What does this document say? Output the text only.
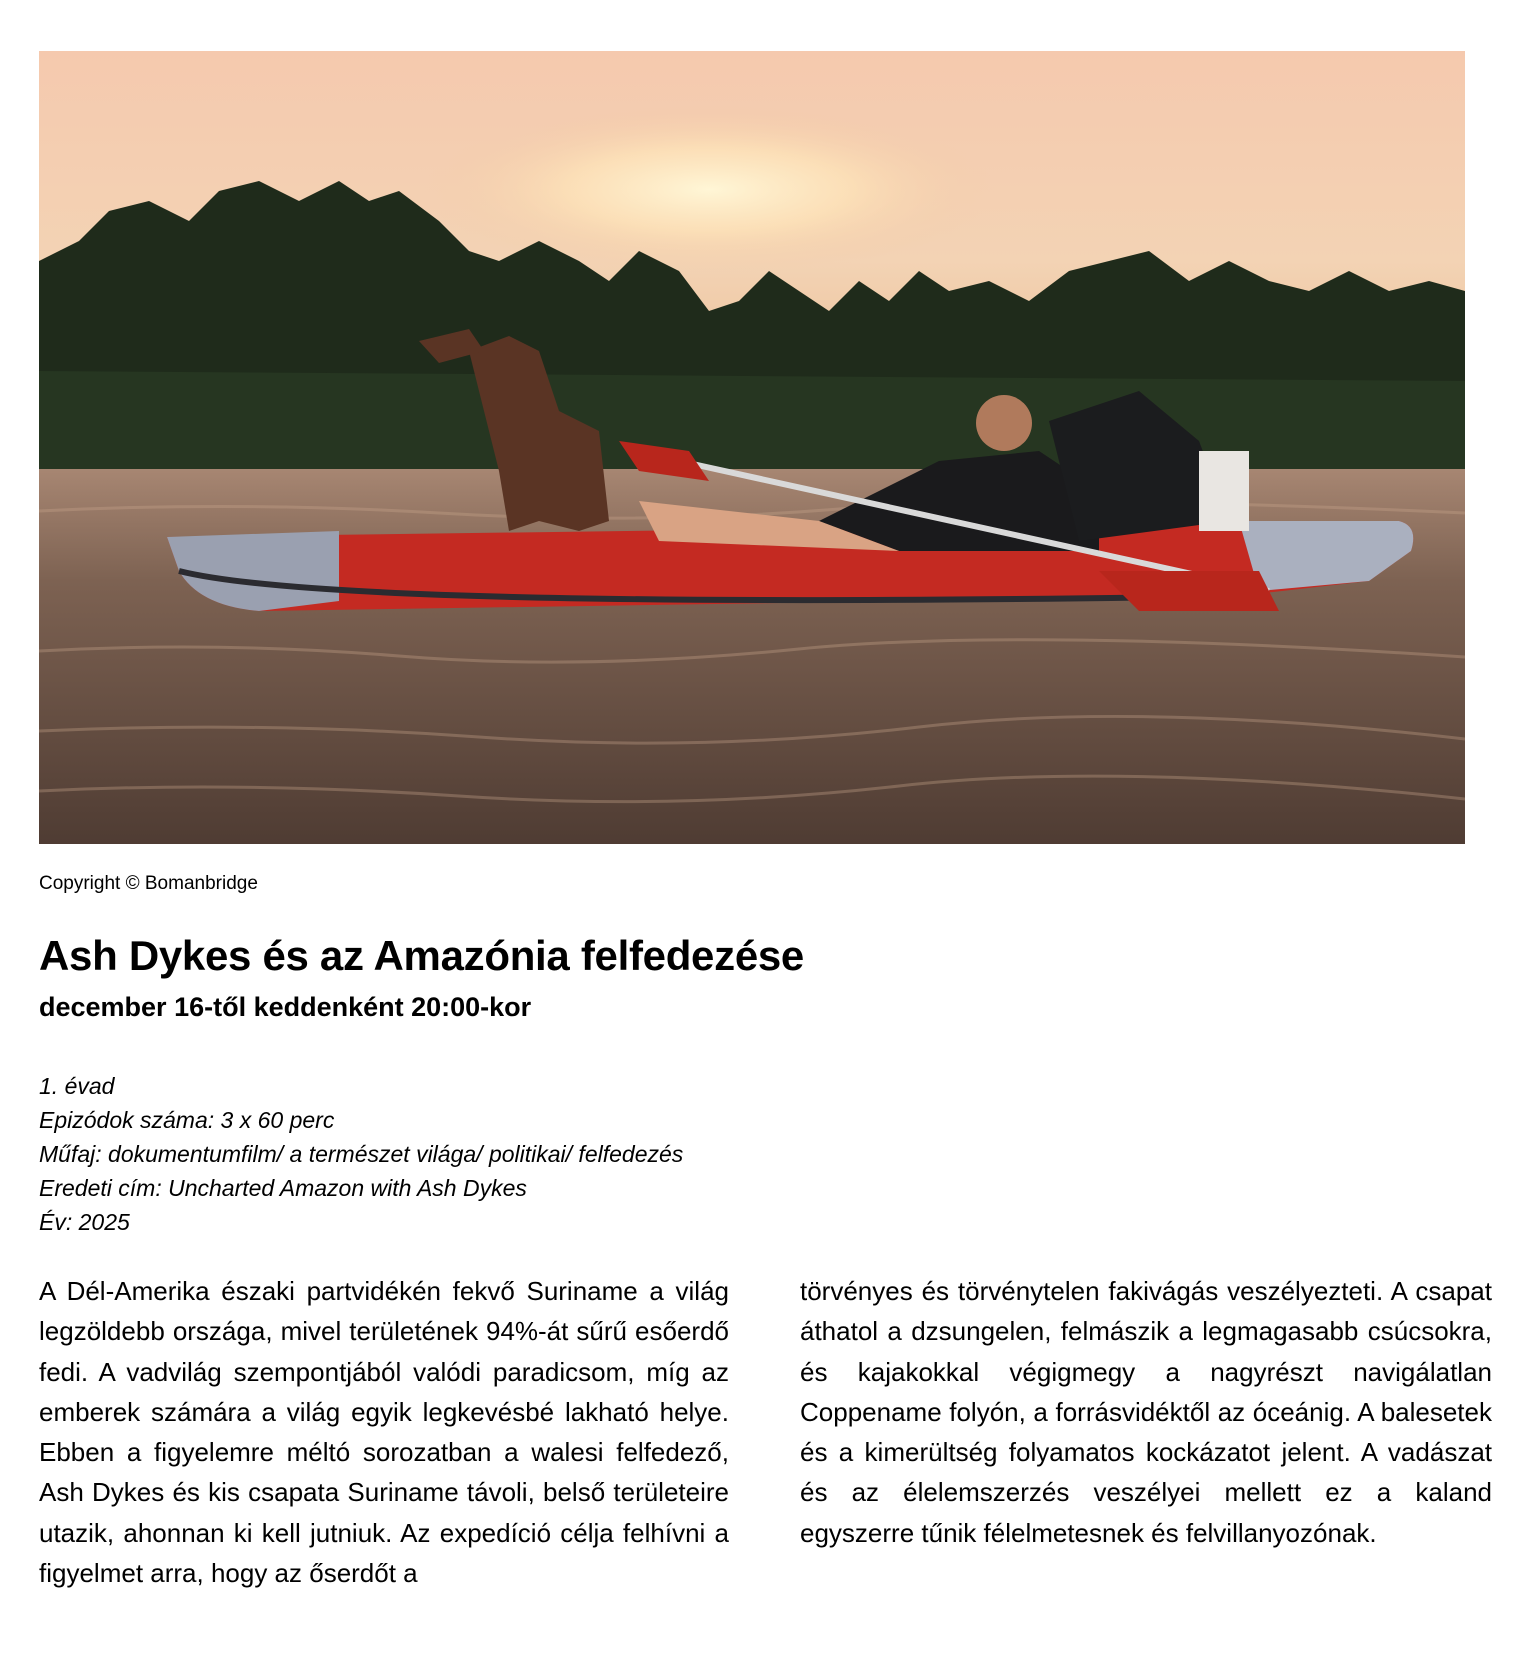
Copyright © Bomanbridge
Ash Dykes és az Amazónia felfedezése
december 16-től keddenként 20:00-kor
1. évad
Epizódok száma: 3 x 60 perc
Műfaj: dokumentumfilm/ a természet világa/ politikai/ felfedezés
Eredeti cím: Uncharted Amazon with Ash Dykes
Év: 2025
A Dél-Amerika északi partvidékén fekvő Suriname a világ legzöldebb országa, mivel területének 94%-át sűrű esőerdő fedi. A vadvilág szempontjából valódi paradicsom, míg az emberek számára a világ egyik legkevésbé lakható helye. Ebben a figyelemre méltó sorozatban a walesi felfedező, Ash Dykes és kis csapata Suriname távoli, belső területeire utazik, ahonnan ki kell jutniuk. Az expedíció célja felhívni a figyelmet arra, hogy az őserdőt a
törvényes és törvénytelen fakivágás veszélyezteti. A csapat áthatol a dzsungelen, felmászik a legmagasabb csúcsokra, és kajakokkal végigmegy a nagyrészt navigálatlan Coppename folyón, a forrásvidéktől az óceánig. A balesetek és a kimerültség folyamatos kockázatot jelent. A vadászat és az élelemszerzés veszélyei mellett ez a kaland egyszerre tűnik félelmetesnek és felvillanyozónak.
